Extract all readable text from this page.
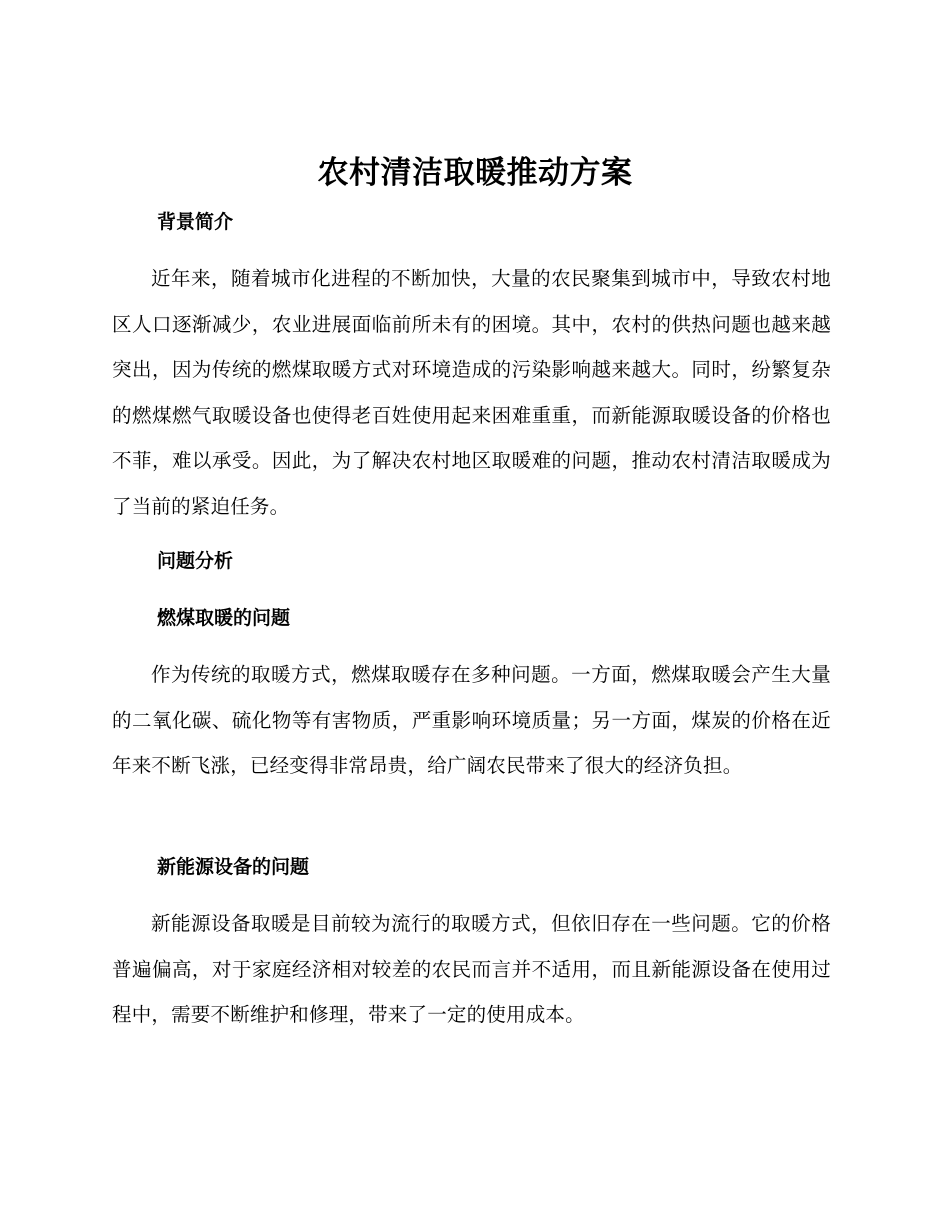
农村清洁取暖推动方案
背景简介

近年来，随着城市化进程的不断加快，大量的农民聚集到城市中，导致农村地区人口逐渐减少，农业进展面临前所未有的困境。其中，农村的供热问题也越来越突出，因为传统的燃煤取暖方式对环境造成的污染影响越来越大。同时，纷繁复杂的燃煤燃气取暖设备也使得老百姓使用起来困难重重，而新能源取暖设备的价格也不菲，难以承受。因此，为了解决农村地区取暖难的问题，推动农村清洁取暖成为了当前的紧迫任务。

问题分析
燃煤取暖的问题

作为传统的取暖方式，燃煤取暖存在多种问题。一方面，燃煤取暖会产生大量的二氧化碳、硫化物等有害物质，严重影响环境质量；另一方面，煤炭的价格在近年来不断飞涨，已经变得非常昂贵，给广阔农民带来了很大的经济负担。

新能源设备的问题

新能源设备取暖是目前较为流行的取暖方式，但依旧存在一些问题。它的价格普遍偏高，对于家庭经济相对较差的农民而言并不适用，而且新能源设备在使用过程中，需要不断维护和修理，带来了一定的使用成本。
